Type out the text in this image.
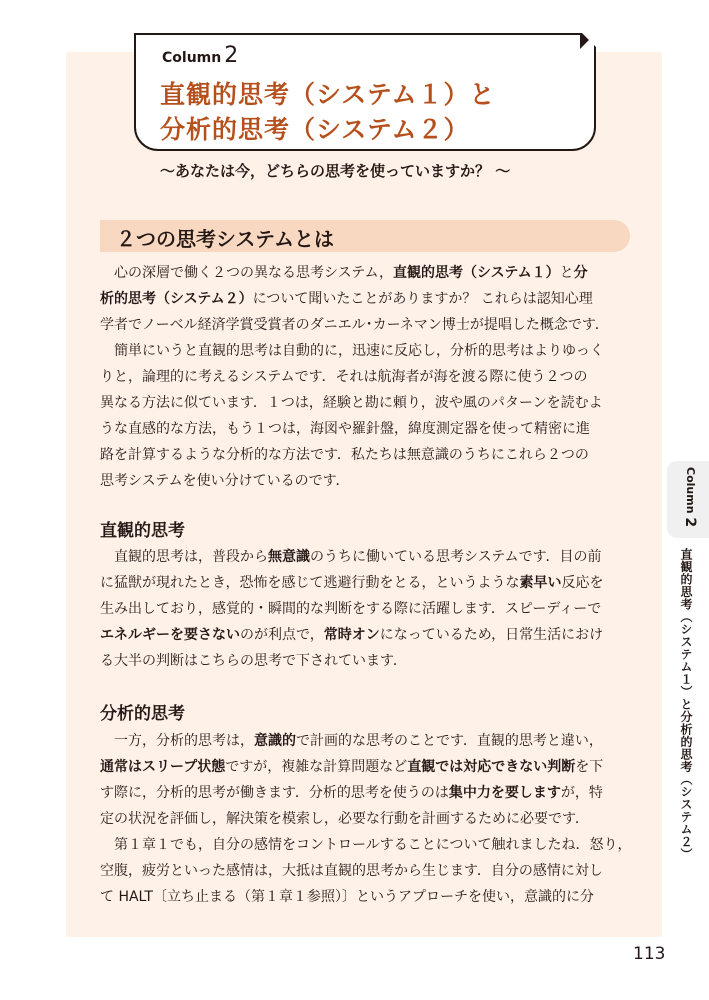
Column 2
直観的思考（システム１）と
分析的思考（システム２）
～あなたは今，どちらの思考を使っていますか？ ～
２つの思考システムとは
　心の深層で働く２つの異なる思考システム，直観的思考（システム１）と分
析的思考（システム２）について聞いたことがありますか？ これらは認知心理
学者でノーベル経済学賞受賞者のダニエル･カーネマン博士が提唱した概念です．
　簡単にいうと直観的思考は自動的に，迅速に反応し，分析的思考はよりゆっく
りと，論理的に考えるシステムです．それは航海者が海を渡る際に使う２つの
異なる方法に似ています．１つは，経験と勘に頼り，波や風のパターンを読むよ
うな直感的な方法，もう１つは，海図や羅針盤，緯度測定器を使って精密に進
路を計算するような分析的な方法です．私たちは無意識のうちにこれら２つの
思考システムを使い分けているのです．
直観的思考
　直観的思考は，普段から無意識のうちに働いている思考システムです．目の前
に猛獣が現れたとき，恐怖を感じて逃避行動をとる，というような素早い反応を
生み出しており，感覚的・瞬間的な判断をする際に活躍します．スピーディーで
エネルギーを要さないのが利点で，常時オンになっているため，日常生活におけ
る大半の判断はこちらの思考で下されています．
分析的思考
　一方，分析的思考は，意識的で計画的な思考のことです．直観的思考と違い，
通常はスリープ状態ですが，複雑な計算問題など直観では対応できない判断を下
す際に，分析的思考が働きます．分析的思考を使うのは集中力を要しますが，特
定の状況を評価し，解決策を模索し，必要な行動を計画するために必要です．
　第１章１でも，自分の感情をコントロールすることについて触れましたね．怒り，
空腹，疲労といった感情は，大抵は直観的思考から生じます．自分の感情に対し
て HALT〔立ち止まる（第１章１参照）〕というアプローチを使い，意識的に分
Column 2
直観的思考（システム１）と分析的思考（システム２）
113
